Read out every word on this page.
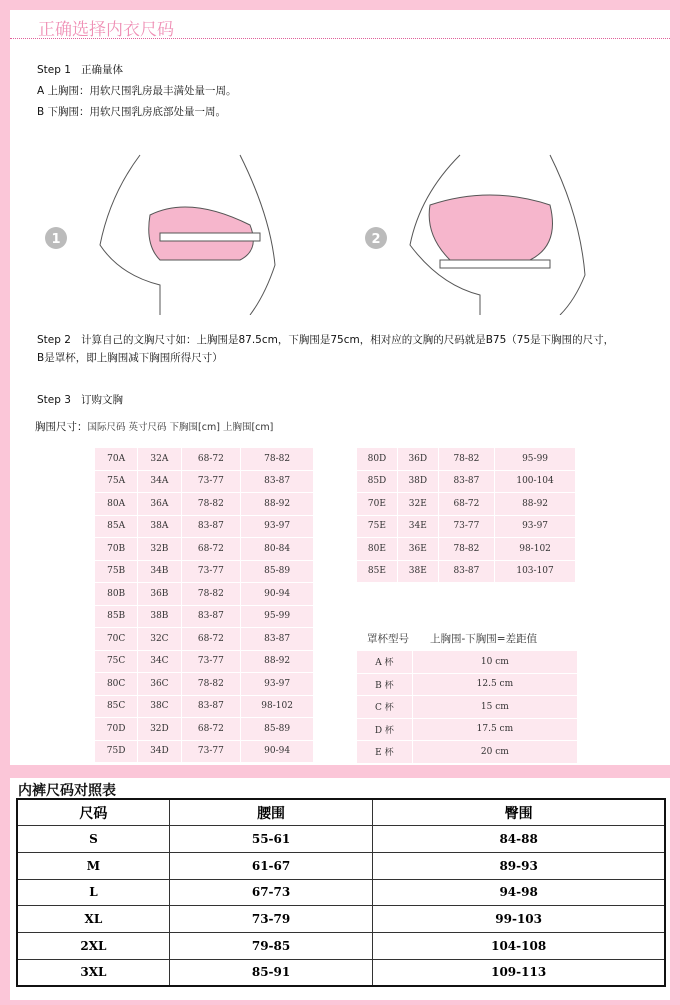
正确选择内衣尺码
Step 1 正确量体
A 上胸围：用软尺围乳房最丰满处量一周。
B 下胸围：用软尺围乳房底部处量一周。
1	2
Step 2 计算自己的文胸尺寸如：上胸围是87.5cm，下胸围是75cm，相对应的文胸的尺码就是B75（75是下胸围的尺寸，
B是罩杯，即上胸围减下胸围所得尺寸）
Step 3 订购文胸
胸围尺寸：国际尺码 英寸尺码 下胸围[cm] 上胸围[cm]
70A	32A	68-72	78-82
75A	34A	73-77	83-87
80A	36A	78-82	88-92
85A	38A	83-87	93-97
70B	32B	68-72	80-84
75B	34B	73-77	85-89
80B	36B	78-82	90-94
85B	38B	83-87	95-99
70C	32C	68-72	83-87
75C	34C	73-77	88-92
80C	36C	78-82	93-97
85C	38C	83-87	98-102
70D	32D	68-72	85-89
75D	34D	73-77	90-94
80D	36D	78-82	95-99
85D	38D	83-87	100-104
70E	32E	68-72	88-92
75E	34E	73-77	93-97
80E	36E	78-82	98-102
85E	38E	83-87	103-107
罩杯型号 上胸围-下胸围=差距值
A 杯	10 cm
B 杯	12.5 cm
C 杯	15 cm
D 杯	17.5 cm
E 杯	20 cm
内裤尺码对照表
尺码	腰围	臀围
S	55-61	84-88
M	61-67	89-93
L	67-73	94-98
XL	73-79	99-103
2XL	79-85	104-108
3XL	85-91	109-113
